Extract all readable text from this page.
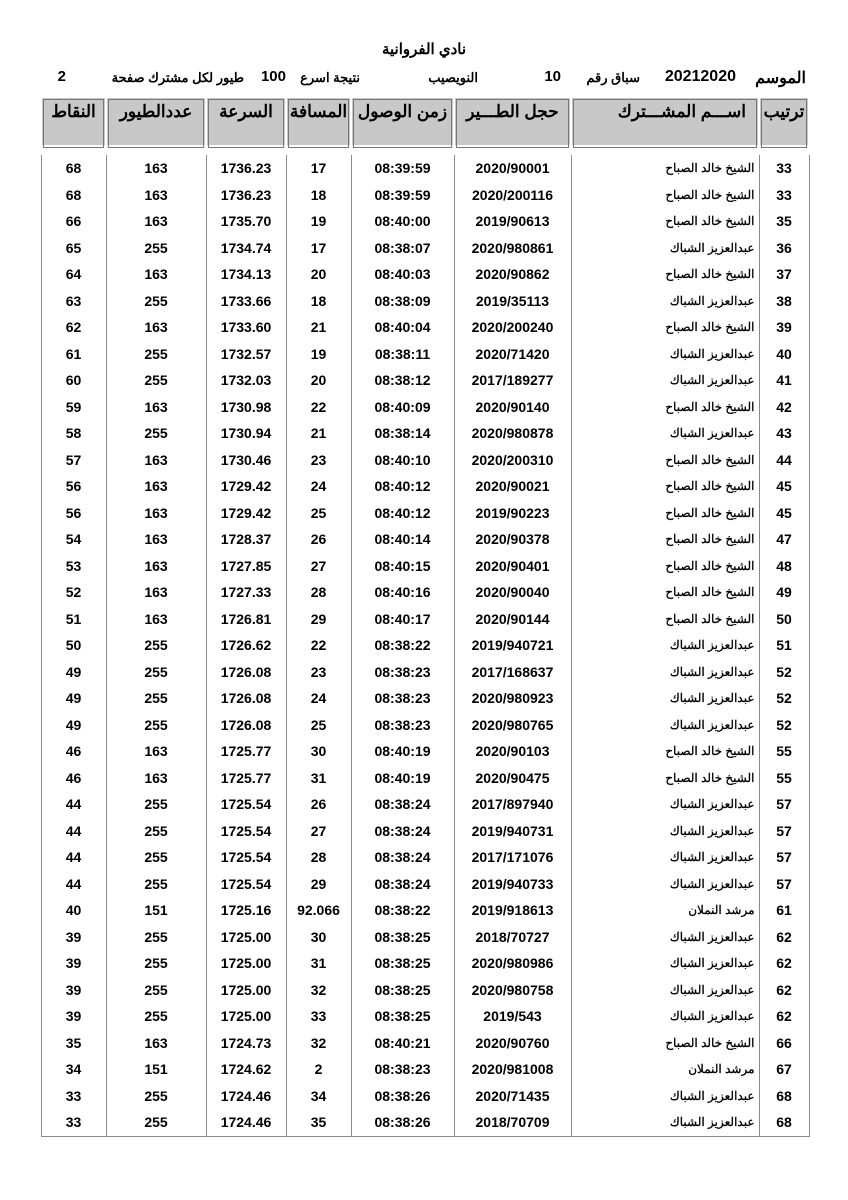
نادي الفروانية
الموسم
20212020
سباق رقم
10
النويصيب
نتيجة اسرع
100
طيور لكل مشترك صفحة
2
ترتيب	اســـم المشـــترك	حجل الطـــير	زمن الوصول	المسافة	السرعة	عددالطيور	النقاط
33	الشيخ خالد الصباح	2020/90001	08:39:59	17	1736.23	163	68
33	الشيخ خالد الصباح	2020/200116	08:39:59	18	1736.23	163	68
35	الشيخ خالد الصباح	2019/90613	08:40:00	19	1735.70	163	66
36	عبدالعزيز الشباك	2020/980861	08:38:07	17	1734.74	255	65
37	الشيخ خالد الصباح	2020/90862	08:40:03	20	1734.13	163	64
38	عبدالعزيز الشباك	2019/35113	08:38:09	18	1733.66	255	63
39	الشيخ خالد الصباح	2020/200240	08:40:04	21	1733.60	163	62
40	عبدالعزيز الشباك	2020/71420	08:38:11	19	1732.57	255	61
41	عبدالعزيز الشباك	2017/189277	08:38:12	20	1732.03	255	60
42	الشيخ خالد الصباح	2020/90140	08:40:09	22	1730.98	163	59
43	عبدالعزيز الشباك	2020/980878	08:38:14	21	1730.94	255	58
44	الشيخ خالد الصباح	2020/200310	08:40:10	23	1730.46	163	57
45	الشيخ خالد الصباح	2020/90021	08:40:12	24	1729.42	163	56
45	الشيخ خالد الصباح	2019/90223	08:40:12	25	1729.42	163	56
47	الشيخ خالد الصباح	2020/90378	08:40:14	26	1728.37	163	54
48	الشيخ خالد الصباح	2020/90401	08:40:15	27	1727.85	163	53
49	الشيخ خالد الصباح	2020/90040	08:40:16	28	1727.33	163	52
50	الشيخ خالد الصباح	2020/90144	08:40:17	29	1726.81	163	51
51	عبدالعزيز الشباك	2019/940721	08:38:22	22	1726.62	255	50
52	عبدالعزيز الشباك	2017/168637	08:38:23	23	1726.08	255	49
52	عبدالعزيز الشباك	2020/980923	08:38:23	24	1726.08	255	49
52	عبدالعزيز الشباك	2020/980765	08:38:23	25	1726.08	255	49
55	الشيخ خالد الصباح	2020/90103	08:40:19	30	1725.77	163	46
55	الشيخ خالد الصباح	2020/90475	08:40:19	31	1725.77	163	46
57	عبدالعزيز الشباك	2017/897940	08:38:24	26	1725.54	255	44
57	عبدالعزيز الشباك	2019/940731	08:38:24	27	1725.54	255	44
57	عبدالعزيز الشباك	2017/171076	08:38:24	28	1725.54	255	44
57	عبدالعزيز الشباك	2019/940733	08:38:24	29	1725.54	255	44
61	مرشد النملان	2019/918613	08:38:22	92.066	1725.16	151	40
62	عبدالعزيز الشباك	2018/70727	08:38:25	30	1725.00	255	39
62	عبدالعزيز الشباك	2020/980986	08:38:25	31	1725.00	255	39
62	عبدالعزيز الشباك	2020/980758	08:38:25	32	1725.00	255	39
62	عبدالعزيز الشباك	2019/543	08:38:25	33	1725.00	255	39
66	الشيخ خالد الصباح	2020/90760	08:40:21	32	1724.73	163	35
67	مرشد النملان	2020/981008	08:38:23	2	1724.62	151	34
68	عبدالعزيز الشباك	2020/71435	08:38:26	34	1724.46	255	33
68	عبدالعزيز الشباك	2018/70709	08:38:26	35	1724.46	255	33
